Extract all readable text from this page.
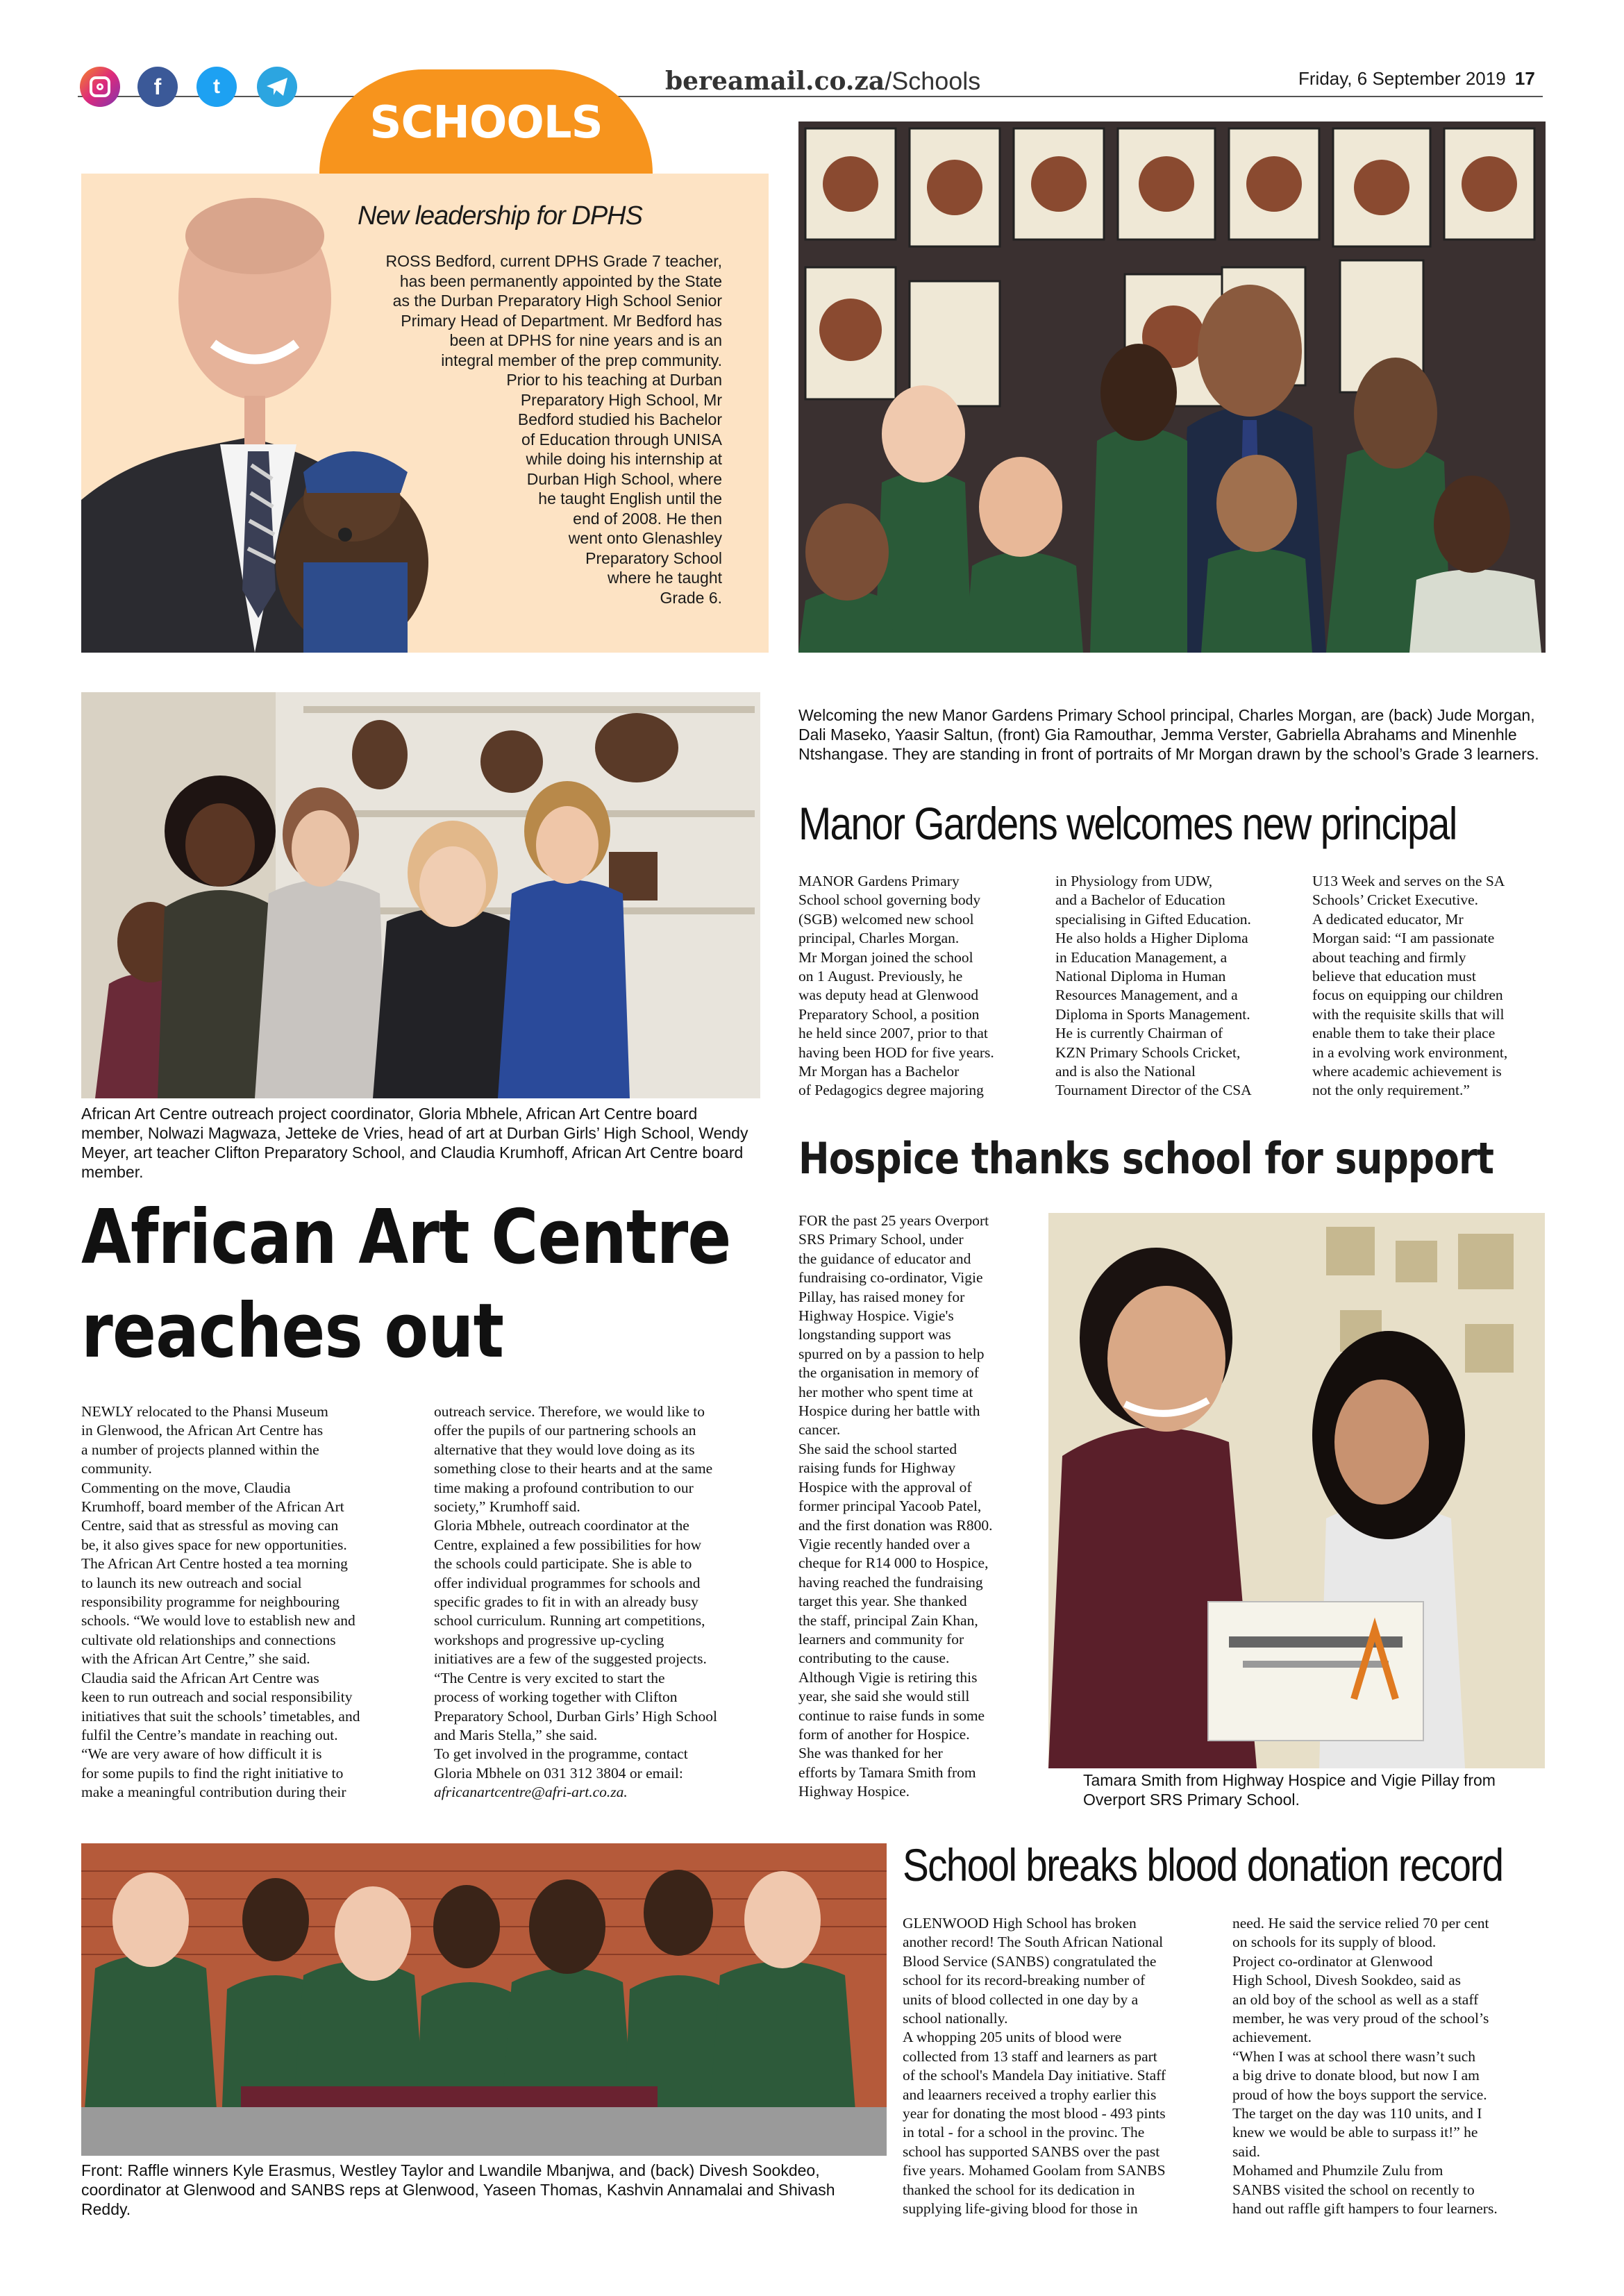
f	t	bereamail.co.za/Schools	Friday, 6 September 2019 17
SCHOOLS
New leadership for DPHS
ROSS Bedford, current DPHS Grade 7 teacher,
has been permanently appointed by the State
as the Durban Preparatory High School Senior
Primary Head of Department. Mr Bedford has
been at DPHS for nine years and is an
integral member of the prep community.
Prior to his teaching at Durban
Preparatory High School, Mr
Bedford studied his Bachelor
of Education through UNISA
while doing his internship at
Durban High School, where
he taught English until the
end of 2008. He then
went onto Glenashley
Preparatory School
where he taught
Grade 6.
Welcoming the new Manor Gardens Primary School principal, Charles Morgan, are (back) Jude Morgan, Dali Maseko, Yaasir Saltun, (front) Gia Ramouthar, Jemma Verster, Gabriella Abrahams and Minenhle Ntshangase. They are standing in front of portraits of Mr Morgan drawn by the school’s Grade 3 learners.
Manor Gardens welcomes new principal
MANOR Gardens Primary
School school governing body
(SGB) welcomed new school
principal, Charles Morgan.
Mr Morgan joined the school
on 1 August. Previously, he
was deputy head at Glenwood
Preparatory School, a position
he held since 2007, prior to that
having been HOD for five years.
Mr Morgan has a Bachelor
of Pedagogics degree majoring
in Physiology from UDW,
and a Bachelor of Education
specialising in Gifted Education.
He also holds a Higher Diploma
in Education Management, a
National Diploma in Human
Resources Management, and a
Diploma in Sports Management.
He is currently Chairman of
KZN Primary Schools Cricket,
and is also the National
Tournament Director of the CSA
U13 Week and serves on the SA
Schools’ Cricket Executive.
A dedicated educator, Mr
Morgan said: “I am passionate
about teaching and firmly
believe that education must
focus on equipping our children
with the requisite skills that will
enable them to take their place
in a evolving work environment,
where academic achievement is
not the only requirement.”
African Art Centre outreach project coordinator, Gloria Mbhele, African Art Centre board member, Nolwazi Magwaza, Jetteke de Vries, head of art at Durban Girls’ High School, Wendy Meyer, art teacher Clifton Preparatory School, and Claudia Krumhoff, African Art Centre board member.
African Art Centre
reaches out
NEWLY relocated to the Phansi Museum
in Glenwood, the African Art Centre has
a number of projects planned within the
community.
Commenting on the move, Claudia
Krumhoff, board member of the African Art
Centre, said that as stressful as moving can
be, it also gives space for new opportunities.
The African Art Centre hosted a tea morning
to launch its new outreach and social
responsibility programme for neighbouring
schools. “We would love to establish new and
cultivate old relationships and connections
with the African Art Centre,” she said.
Claudia said the African Art Centre was
keen to run outreach and social responsibility
initiatives that suit the schools’ timetables, and
fulfil the Centre’s mandate in reaching out.
“We are very aware of how difficult it is
for some pupils to find the right initiative to
make a meaningful contribution during their
outreach service. Therefore, we would like to
offer the pupils of our partnering schools an
alternative that they would love doing as its
something close to their hearts and at the same
time making a profound contribution to our
society,” Krumhoff said.
Gloria Mbhele, outreach coordinator at the
Centre, explained a few possibilities for how
the schools could participate. She is able to
offer individual programmes for schools and
specific grades to fit in with an already busy
school curriculum. Running art competitions,
workshops and progressive up-cycling
initiatives are a few of the suggested projects.
“The Centre is very excited to start the
process of working together with Clifton
Preparatory School, Durban Girls’ High School
and Maris Stella,” she said.
To get involved in the programme, contact
Gloria Mbhele on 031 312 3804 or email: africanartcentre@afri-art.co.za.
Hospice thanks school for support
FOR the past 25 years Overport
SRS Primary School, under
the guidance of educator and
fundraising co-ordinator, Vigie
Pillay, has raised money for
Highway Hospice. Vigie's
longstanding support was
spurred on by a passion to help
the organisation in memory of
her mother who spent time at
Hospice during her battle with
cancer.
She said the school started
raising funds for Highway
Hospice with the approval of
former principal Yacoob Patel,
and the first donation was R800.
Vigie recently handed over a
cheque for R14 000 to Hospice,
having reached the fundraising
target this year. She thanked
the staff, principal Zain Khan,
learners and community for
contributing to the cause.
Although Vigie is retiring this
year, she said she would still
continue to raise funds in some
form of another for Hospice.
She was thanked for her
efforts by Tamara Smith from
Highway Hospice.
Tamara Smith from Highway Hospice and Vigie Pillay from Overport SRS Primary School.
Front: Raffle winners Kyle Erasmus, Westley Taylor and Lwandile Mbanjwa, and (back) Divesh Sookdeo, coordinator at Glenwood and SANBS reps at Glenwood, Yaseen Thomas, Kashvin Annamalai and Shivash Reddy.
School breaks blood donation record
GLENWOOD High School has broken
another record! The South African National
Blood Service (SANBS) congratulated the
school for its record-breaking number of
units of blood collected in one day by a
school nationally.
A whopping 205 units of blood were
collected from 13 staff and learners as part
of the school's Mandela Day initiative. Staff
and leaarners received a trophy earlier this
year for donating the most blood - 493 pints
in total - for a school in the provinc. The
school has supported SANBS over the past
five years. Mohamed Goolam from SANBS
thanked the school for its dedication in
supplying life-giving blood for those in
need. He said the service relied 70 per cent
on schools for its supply of blood.
Project co-ordinator at Glenwood
High School, Divesh Sookdeo, said as
an old boy of the school as well as a staff
member, he was very proud of the school’s
achievement.
“When I was at school there wasn’t such
a big drive to donate blood, but now I am
proud of how the boys support the service.
The target on the day was 110 units, and I
knew we would be able to surpass it!” he
said.
Mohamed and Phumzile Zulu from
SANBS visited the school on recently to
hand out raffle gift hampers to four learners.
